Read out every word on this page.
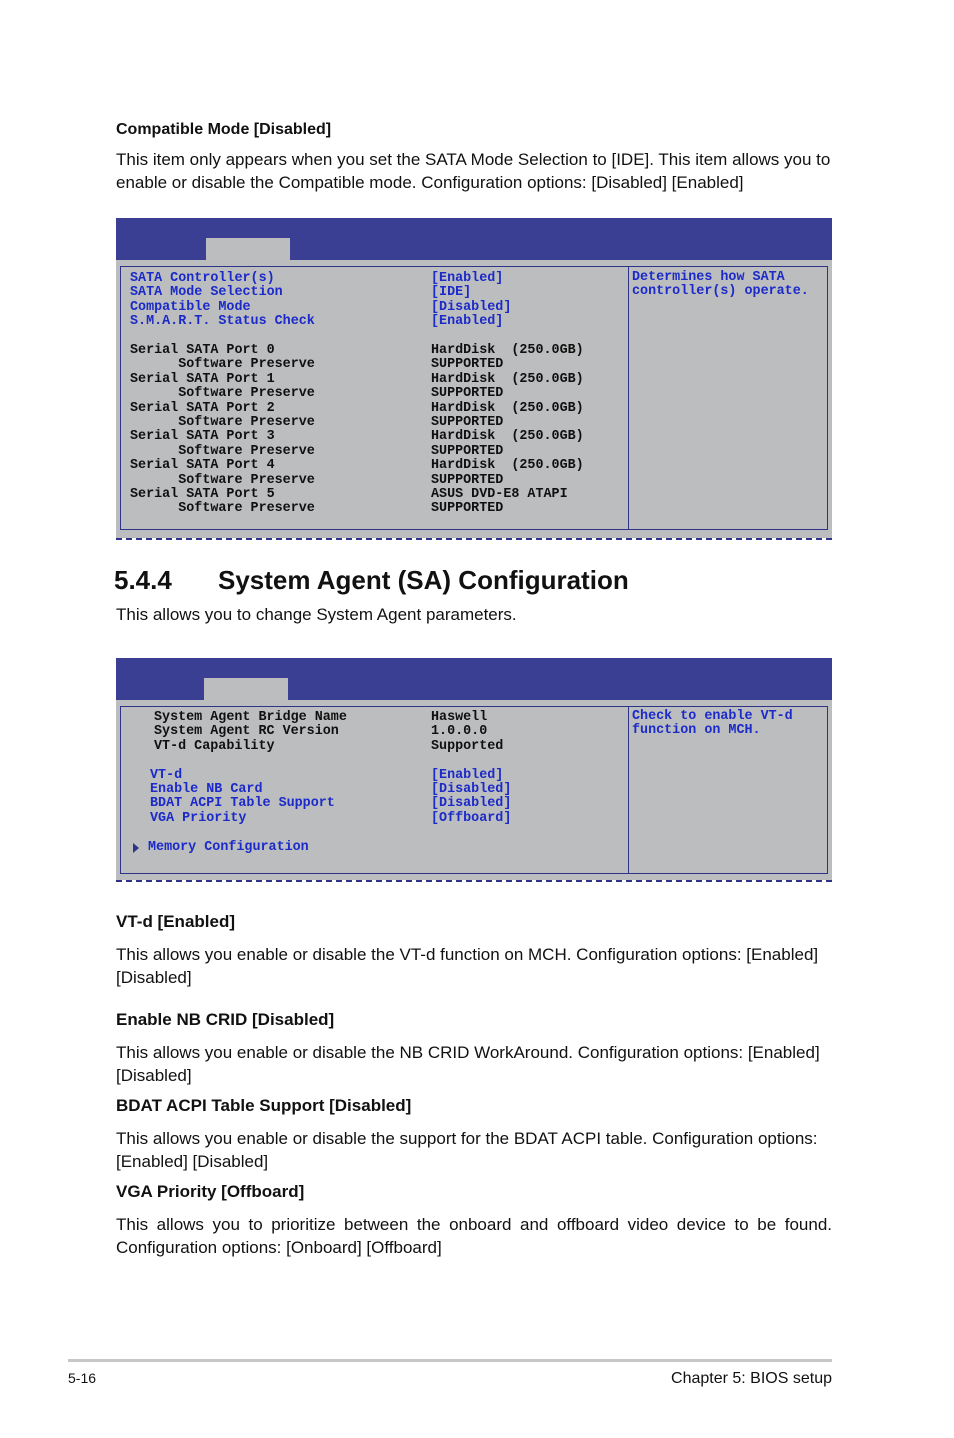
Compatible Mode [Disabled]

This item only appears when you set the SATA Mode Selection to [IDE]. This item allows you to enable or disable the Compatible mode. Configuration options: [Disabled] [Enabled]

SATA Controller(s)

	[Enabled]

SATA Mode Selection

	[IDE]

Compatible Mode

	[Disabled]

S.M.A.R.T. Status Check

	[Enabled]

Serial SATA Port 0

	HardDisk  (250.0GB)

Software Preserve

	SUPPORTED

Serial SATA Port 1

	HardDisk  (250.0GB)

Software Preserve

	SUPPORTED

Serial SATA Port 2

	HardDisk  (250.0GB)

Software Preserve

	SUPPORTED

Serial SATA Port 3

	HardDisk  (250.0GB)

Software Preserve

	SUPPORTED

Serial SATA Port 4

	HardDisk  (250.0GB)

Software Preserve

	SUPPORTED

Serial SATA Port 5

	ASUS DVD-E8 ATAPI

Software Preserve

	SUPPORTED

Determines how SATA
controller(s) operate.

5.4.4 System Agent (SA) Configuration

This allows you to change System Agent parameters.

System Agent Bridge Name

	Haswell

System Agent RC Version

	1.0.0.0

VT-d Capability

	Supported

VT-d

	[Enabled]

Enable NB Card

	[Disabled]

BDAT ACPI Table Support

	[Disabled]

VGA Priority

	[Offboard]

Memory Configuration

Check to enable VT-d
function on MCH.

VT-d [Enabled]

This allows you enable or disable the VT-d function on MCH. Configuration options: [Enabled] [Disabled]

Enable NB CRID [Disabled]

This allows you enable or disable the NB CRID WorkAround. Configuration options: [Enabled] [Disabled]

BDAT ACPI Table Support [Disabled]

This allows you enable or disable the support for the BDAT ACPI table. Configuration options: [Enabled] [Disabled]

VGA Priority [Offboard]

This allows you to prioritize between the onboard and offboard video device to be found. Configuration options: [Onboard] [Offboard]

5-16	Chapter 5: BIOS setup
